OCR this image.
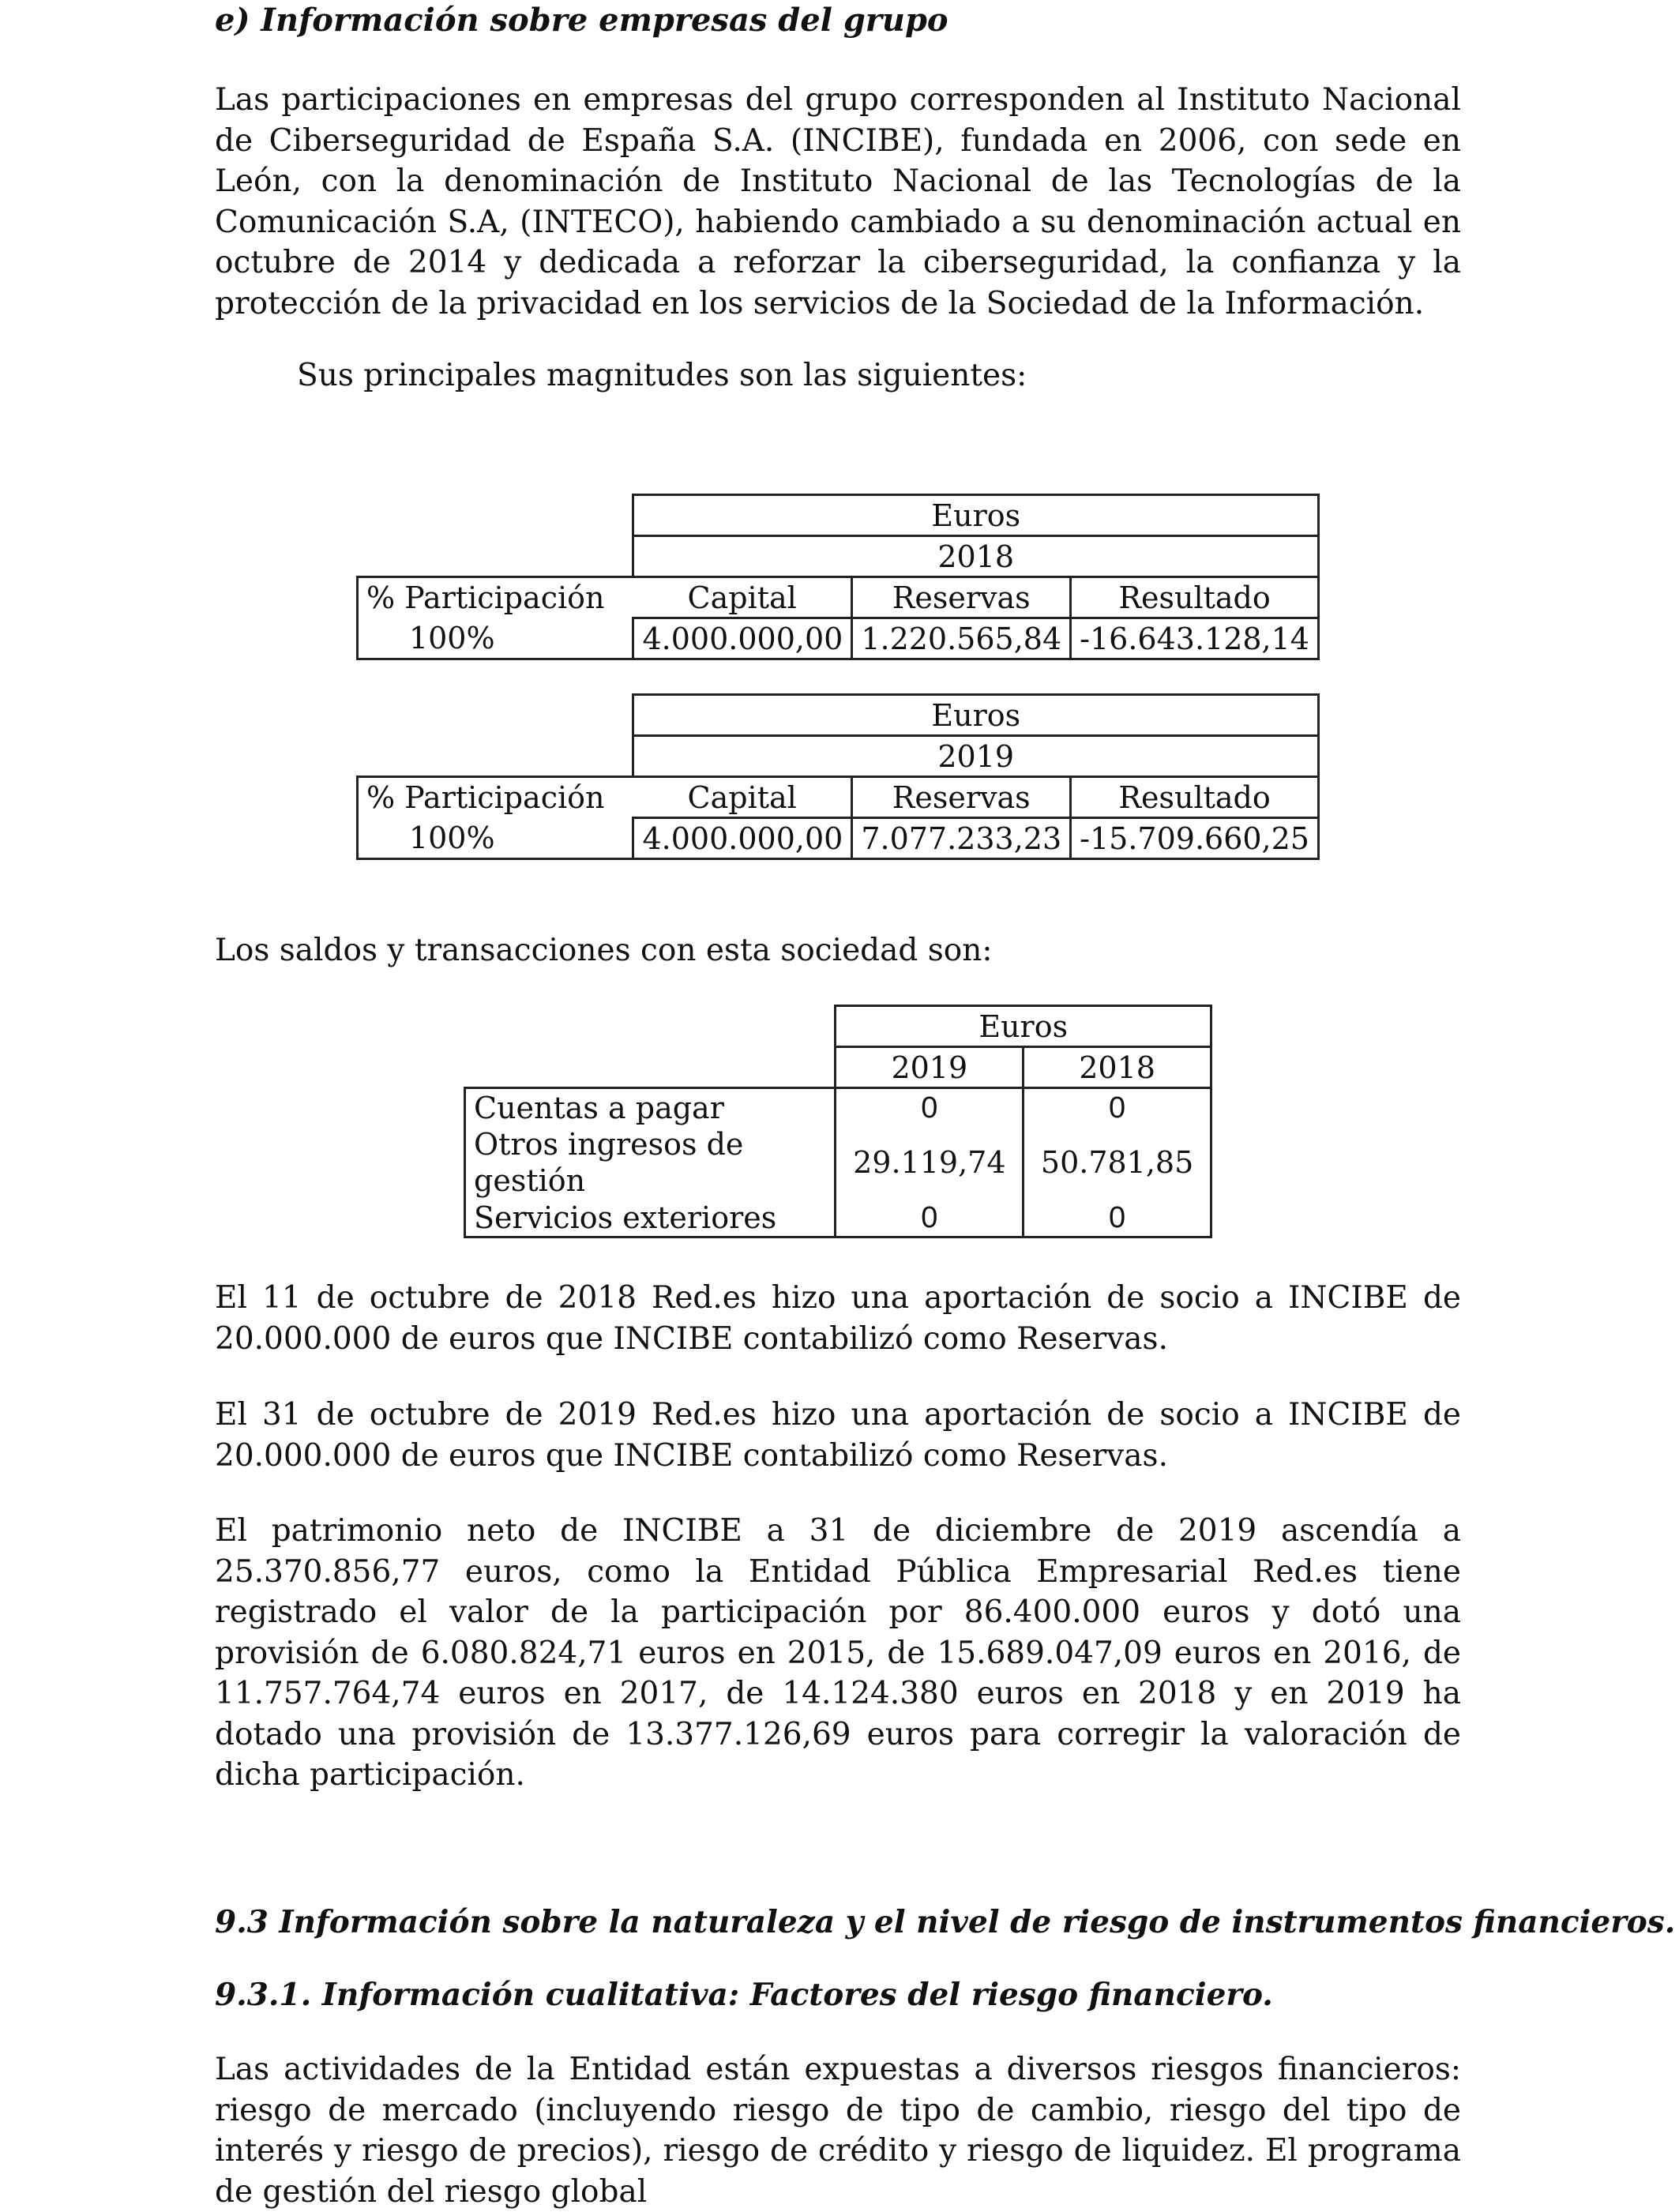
e) Información sobre empresas del grupo

Las participaciones en empresas del grupo corresponden al Instituto Nacional de Ciberseguridad de España S.A. (INCIBE), fundada en 2006, con sede en León, con la denominación de Instituto Nacional de las Tecnologías de la Comunicación S.A, (INTECO), habiendo cambiado a su denominación actual en octubre de 2014 y dedicada a reforzar la ciberseguridad, la confianza y la protección de la privacidad en los servicios de la Sociedad de la Información.

Sus principales magnitudes son las siguientes:

	Euros		
	2018		
% Participación	Capital	Reservas	Resultado
100%	4.000.000,00	1.220.565,84	-16.643.128,14
	Euros		
	2019		
% Participación	Capital	Reservas	Resultado
100%	4.000.000,00	7.077.233,23	-15.709.660,25

Los saldos y transacciones con esta sociedad son:

	Euros	
	2019	2018
Cuentas a pagar	0	0
Otros ingresos de gestión	29.119,74	50.781,85
Servicios exteriores	0	0

El 11 de octubre de 2018 Red.es hizo una aportación de socio a INCIBE de 20.000.000 de euros que INCIBE contabilizó como Reservas.

El 31 de octubre de 2019 Red.es hizo una aportación de socio a INCIBE de 20.000.000 de euros que INCIBE contabilizó como Reservas.

El patrimonio neto de INCIBE a 31 de diciembre de 2019 ascendía a 25.370.856,77 euros, como la Entidad Pública Empresarial Red.es tiene registrado el valor de la participación por 86.400.000 euros y dotó una provisión de 6.080.824,71 euros en 2015, de 15.689.047,09 euros en 2016, de 11.757.764,74 euros en 2017, de 14.124.380 euros en 2018 y en 2019 ha dotado una provisión de 13.377.126,69 euros para corregir la valoración de dicha participación.

9.3 Información sobre la naturaleza y el nivel de riesgo de instrumentos financieros.

9.3.1. Información cualitativa: Factores del riesgo financiero.

Las actividades de la Entidad están expuestas a diversos riesgos financieros: riesgo de mercado (incluyendo riesgo de tipo de cambio, riesgo del tipo de interés y riesgo de precios), riesgo de crédito y riesgo de liquidez. El programa de gestión del riesgo global
